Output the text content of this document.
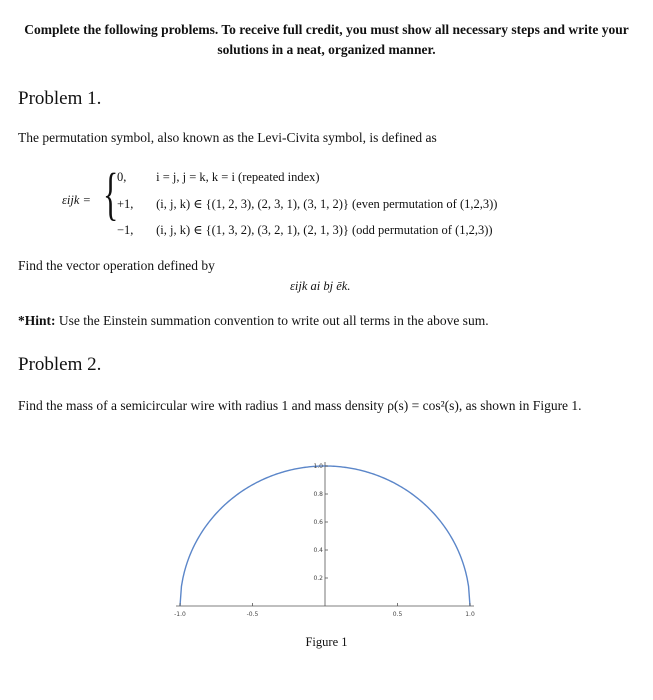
Complete the following problems. To receive full credit, you must show all necessary steps and write your solutions in a neat, organized manner.
Problem 1.
The permutation symbol, also known as the Levi-Civita symbol, is defined as
εijk = {
0, i = j, j = k, k = i (repeated index)
+1, (i, j, k) ∈ {(1, 2, 3), (2, 3, 1), (3, 1, 2)} (even permutation of (1,2,3))
−1, (i, j, k) ∈ {(1, 3, 2), (3, 2, 1), (2, 1, 3)} (odd permutation of (1,2,3))
Find the vector operation defined by
εijk ai bj ēk.
*Hint: Use the Einstein summation convention to write out all terms in the above sum.
Problem 2.
Find the mass of a semicircular wire with radius 1 and mass density ρ(s) = cos²(s), as shown in Figure 1.
-1.0	-0.5	0.5	1.0
0.2
0.4
0.6
0.8
1.0
Figure 1
